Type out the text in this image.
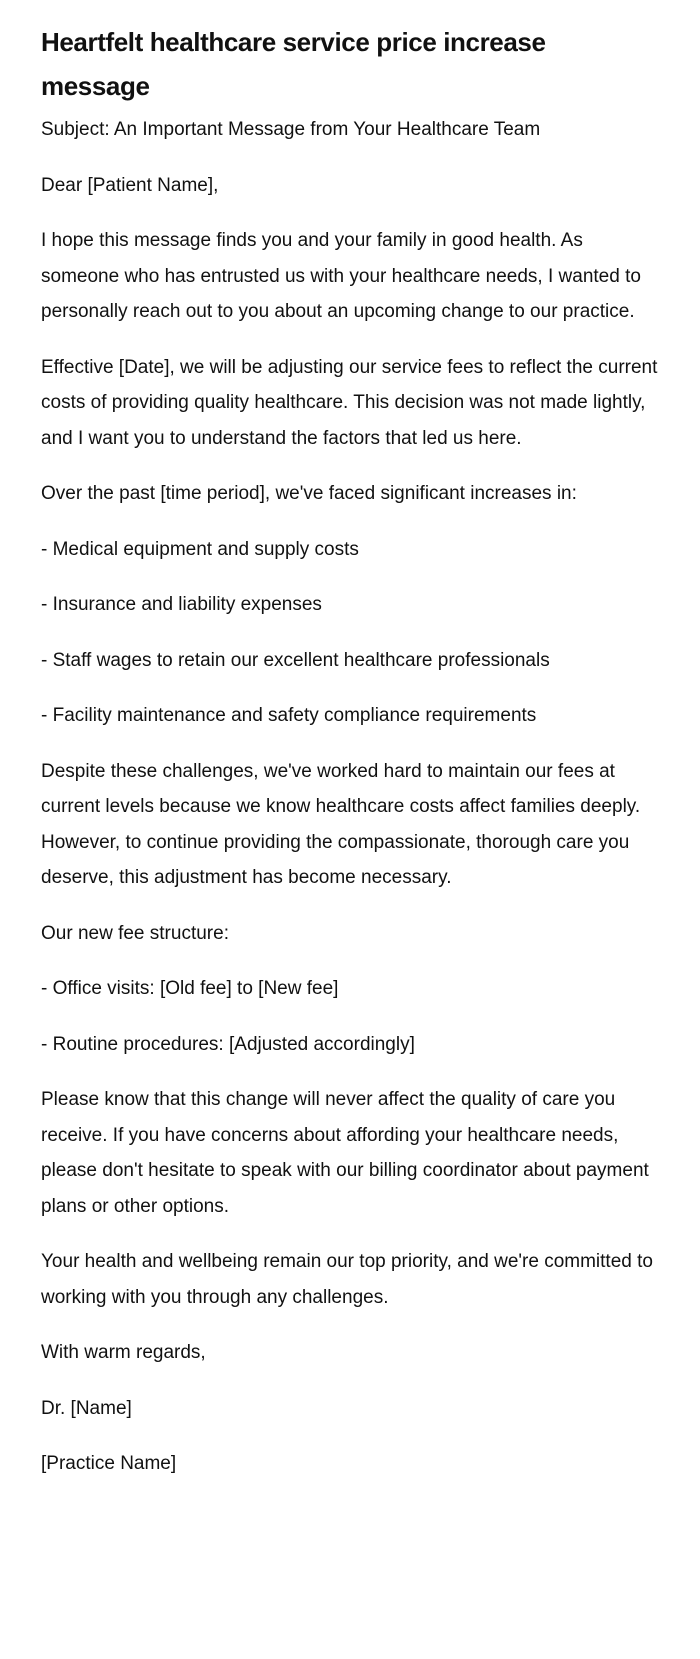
Heartfelt healthcare service price increase message

Subject: An Important Message from Your Healthcare Team

Dear [Patient Name],

I hope this message finds you and your family in good health. As someone who has entrusted us with your healthcare needs, I wanted to personally reach out to you about an upcoming change to our practice.

Effective [Date], we will be adjusting our service fees to reflect the current costs of providing quality healthcare. This decision was not made lightly, and I want you to understand the factors that led us here.

Over the past [time period], we've faced significant increases in:

- Medical equipment and supply costs

- Insurance and liability expenses

- Staff wages to retain our excellent healthcare professionals

- Facility maintenance and safety compliance requirements

Despite these challenges, we've worked hard to maintain our fees at current levels because we know healthcare costs affect families deeply. However, to continue providing the compassionate, thorough care you deserve, this adjustment has become necessary.

Our new fee structure:

- Office visits: [Old fee] to [New fee]

- Routine procedures: [Adjusted accordingly]

Please know that this change will never affect the quality of care you receive. If you have concerns about affording your healthcare needs, please don't hesitate to speak with our billing coordinator about payment plans or other options.

Your health and wellbeing remain our top priority, and we're committed to working with you through any challenges.

With warm regards,

Dr. [Name]

[Practice Name]
